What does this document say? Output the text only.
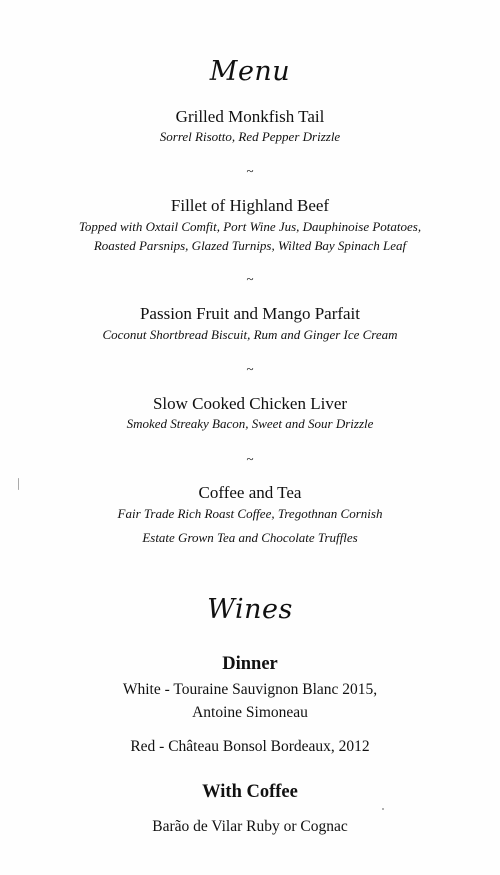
Menu
Grilled Monkfish Tail
Sorrel Risotto, Red Pepper Drizzle
~
Fillet of Highland Beef
Topped with Oxtail Comfit, Port Wine Jus, Dauphinoise Potatoes,
Roasted Parsnips, Glazed Turnips, Wilted Bay Spinach Leaf
~
Passion Fruit and Mango Parfait
Coconut Shortbread Biscuit, Rum and Ginger Ice Cream
~
Slow Cooked Chicken Liver
Smoked Streaky Bacon, Sweet and Sour Drizzle
~
Coffee and Tea
Fair Trade Rich Roast Coffee, Tregothnan Cornish
Estate Grown Tea and Chocolate Truffles
Wines
Dinner
White - Touraine Sauvignon Blanc 2015,
Antoine Simoneau
Red - Château Bonsol Bordeaux, 2012
With Coffee
Barão de Vilar Ruby or Cognac
